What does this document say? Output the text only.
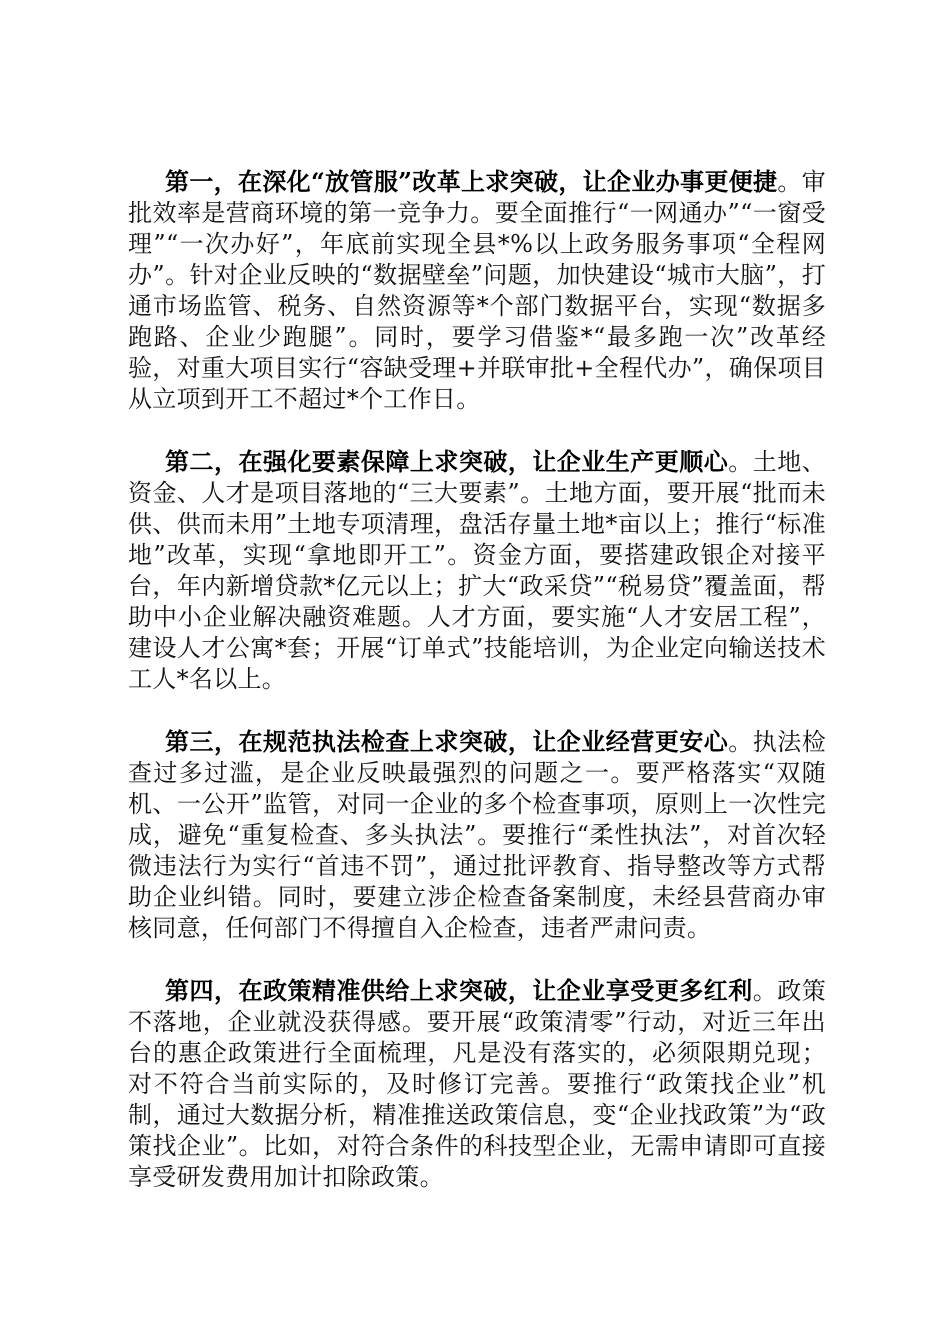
第一，在深化“放管服”改革上求突破，让企业办事更便捷。审批效率是营商环境的第一竞争力。要全面推行“一网通办”“一窗受理”“一次办好”，年底前实现全县*%以上政务服务事项“全程网办”。针对企业反映的“数据壁垒”问题，加快建设“城市大脑”，打通市场监管、税务、自然资源等*个部门数据平台，实现“数据多跑路、企业少跑腿”。同时，要学习借鉴*“最多跑一次”改革经验，对重大项目实行“容缺受理+并联审批+全程代办”，确保项目从立项到开工不超过*个工作日。

第二，在强化要素保障上求突破，让企业生产更顺心。土地、资金、人才是项目落地的“三大要素”。土地方面，要开展“批而未供、供而未用”土地专项清理，盘活存量土地*亩以上；推行“标准地”改革，实现“拿地即开工”。资金方面，要搭建政银企对接平台，年内新增贷款*亿元以上；扩大“政采贷”“税易贷”覆盖面，帮助中小企业解决融资难题。人才方面，要实施“人才安居工程”，建设人才公寓*套；开展“订单式”技能培训，为企业定向输送技术工人*名以上。

第三，在规范执法检查上求突破，让企业经营更安心。执法检查过多过滥，是企业反映最强烈的问题之一。要严格落实“双随机、一公开”监管，对同一企业的多个检查事项，原则上一次性完成，避免“重复检查、多头执法”。要推行“柔性执法”，对首次轻微违法行为实行“首违不罚”，通过批评教育、指导整改等方式帮助企业纠错。同时，要建立涉企检查备案制度，未经县营商办审核同意，任何部门不得擅自入企检查，违者严肃问责。

第四，在政策精准供给上求突破，让企业享受更多红利。政策不落地，企业就没获得感。要开展“政策清零”行动，对近三年出台的惠企政策进行全面梳理，凡是没有落实的，必须限期兑现；对不符合当前实际的，及时修订完善。要推行“政策找企业”机制，通过大数据分析，精准推送政策信息，变“企业找政策”为“政策找企业”。比如，对符合条件的科技型企业，无需申请即可直接享受研发费用加计扣除政策。
